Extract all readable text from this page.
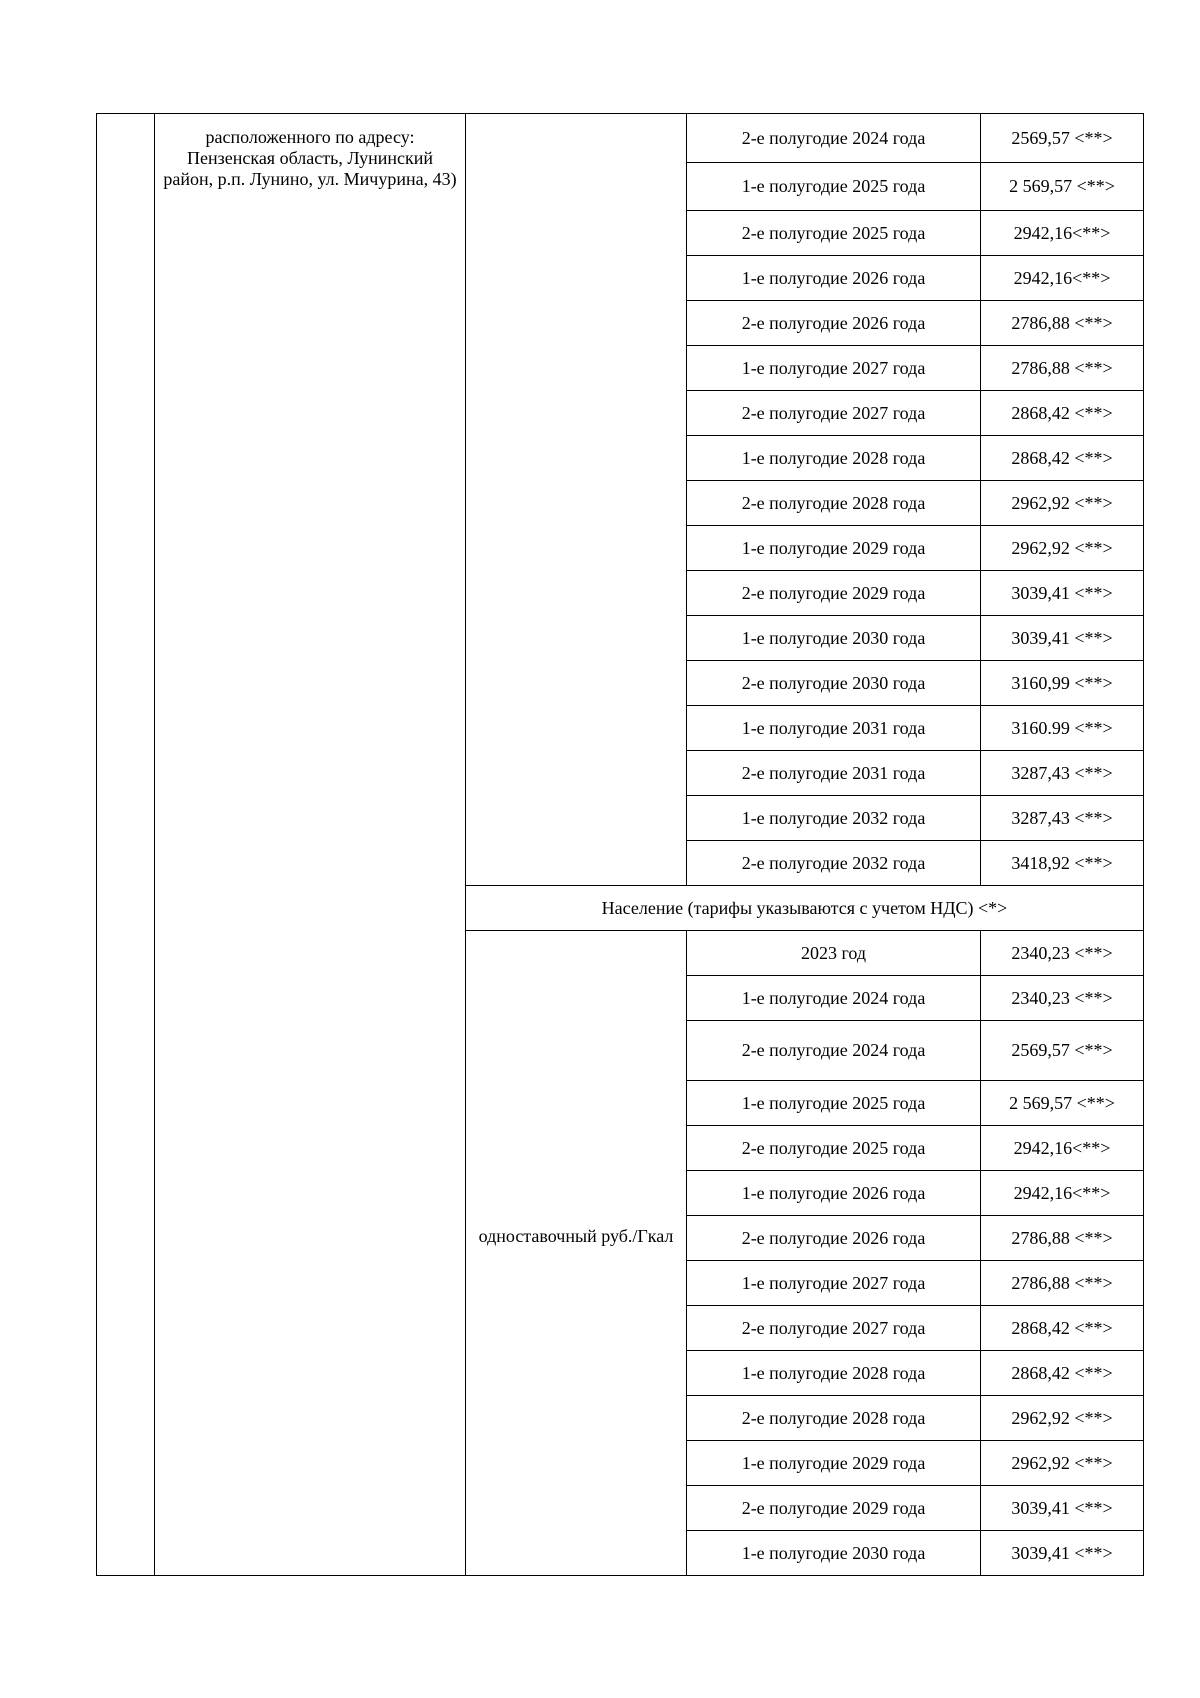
	расположенного по адресу: Пензенская область, Лунинский район, р.п. Лунино, ул. Мичурина, 43)		2-е полугодие 2024 года	2569,57 <**>
			1-е полугодие 2025 года	2 569,57 <**>
			2-е полугодие 2025 года	2942,16<**>
			1-е полугодие 2026 года	2942,16<**>
			2-е полугодие 2026 года	2786,88 <**>
			1-е полугодие 2027 года	2786,88 <**>
			2-е полугодие 2027 года	2868,42 <**>
			1-е полугодие 2028 года	2868,42 <**>
			2-е полугодие 2028 года	2962,92 <**>
			1-е полугодие 2029 года	2962,92 <**>
			2-е полугодие 2029 года	3039,41 <**>
			1-е полугодие 2030 года	3039,41 <**>
			2-е полугодие 2030 года	3160,99 <**>
			1-е полугодие 2031 года	3160.99 <**>
			2-е полугодие 2031 года	3287,43 <**>
			1-е полугодие 2032 года	3287,43 <**>
			2-е полугодие 2032 года	3418,92 <**>
		Население (тарифы указываются с учетом НДС) <*>		
		одноставочный руб./Гкал	2023 год	2340,23 <**>
			1-е полугодие 2024 года	2340,23 <**>
			2-е полугодие 2024 года	2569,57 <**>
			1-е полугодие 2025 года	2 569,57 <**>
			2-е полугодие 2025 года	2942,16<**>
			1-е полугодие 2026 года	2942,16<**>
			2-е полугодие 2026 года	2786,88 <**>
			1-е полугодие 2027 года	2786,88 <**>
			2-е полугодие 2027 года	2868,42 <**>
			1-е полугодие 2028 года	2868,42 <**>
			2-е полугодие 2028 года	2962,92 <**>
			1-е полугодие 2029 года	2962,92 <**>
			2-е полугодие 2029 года	3039,41 <**>
			1-е полугодие 2030 года	3039,41 <**>
